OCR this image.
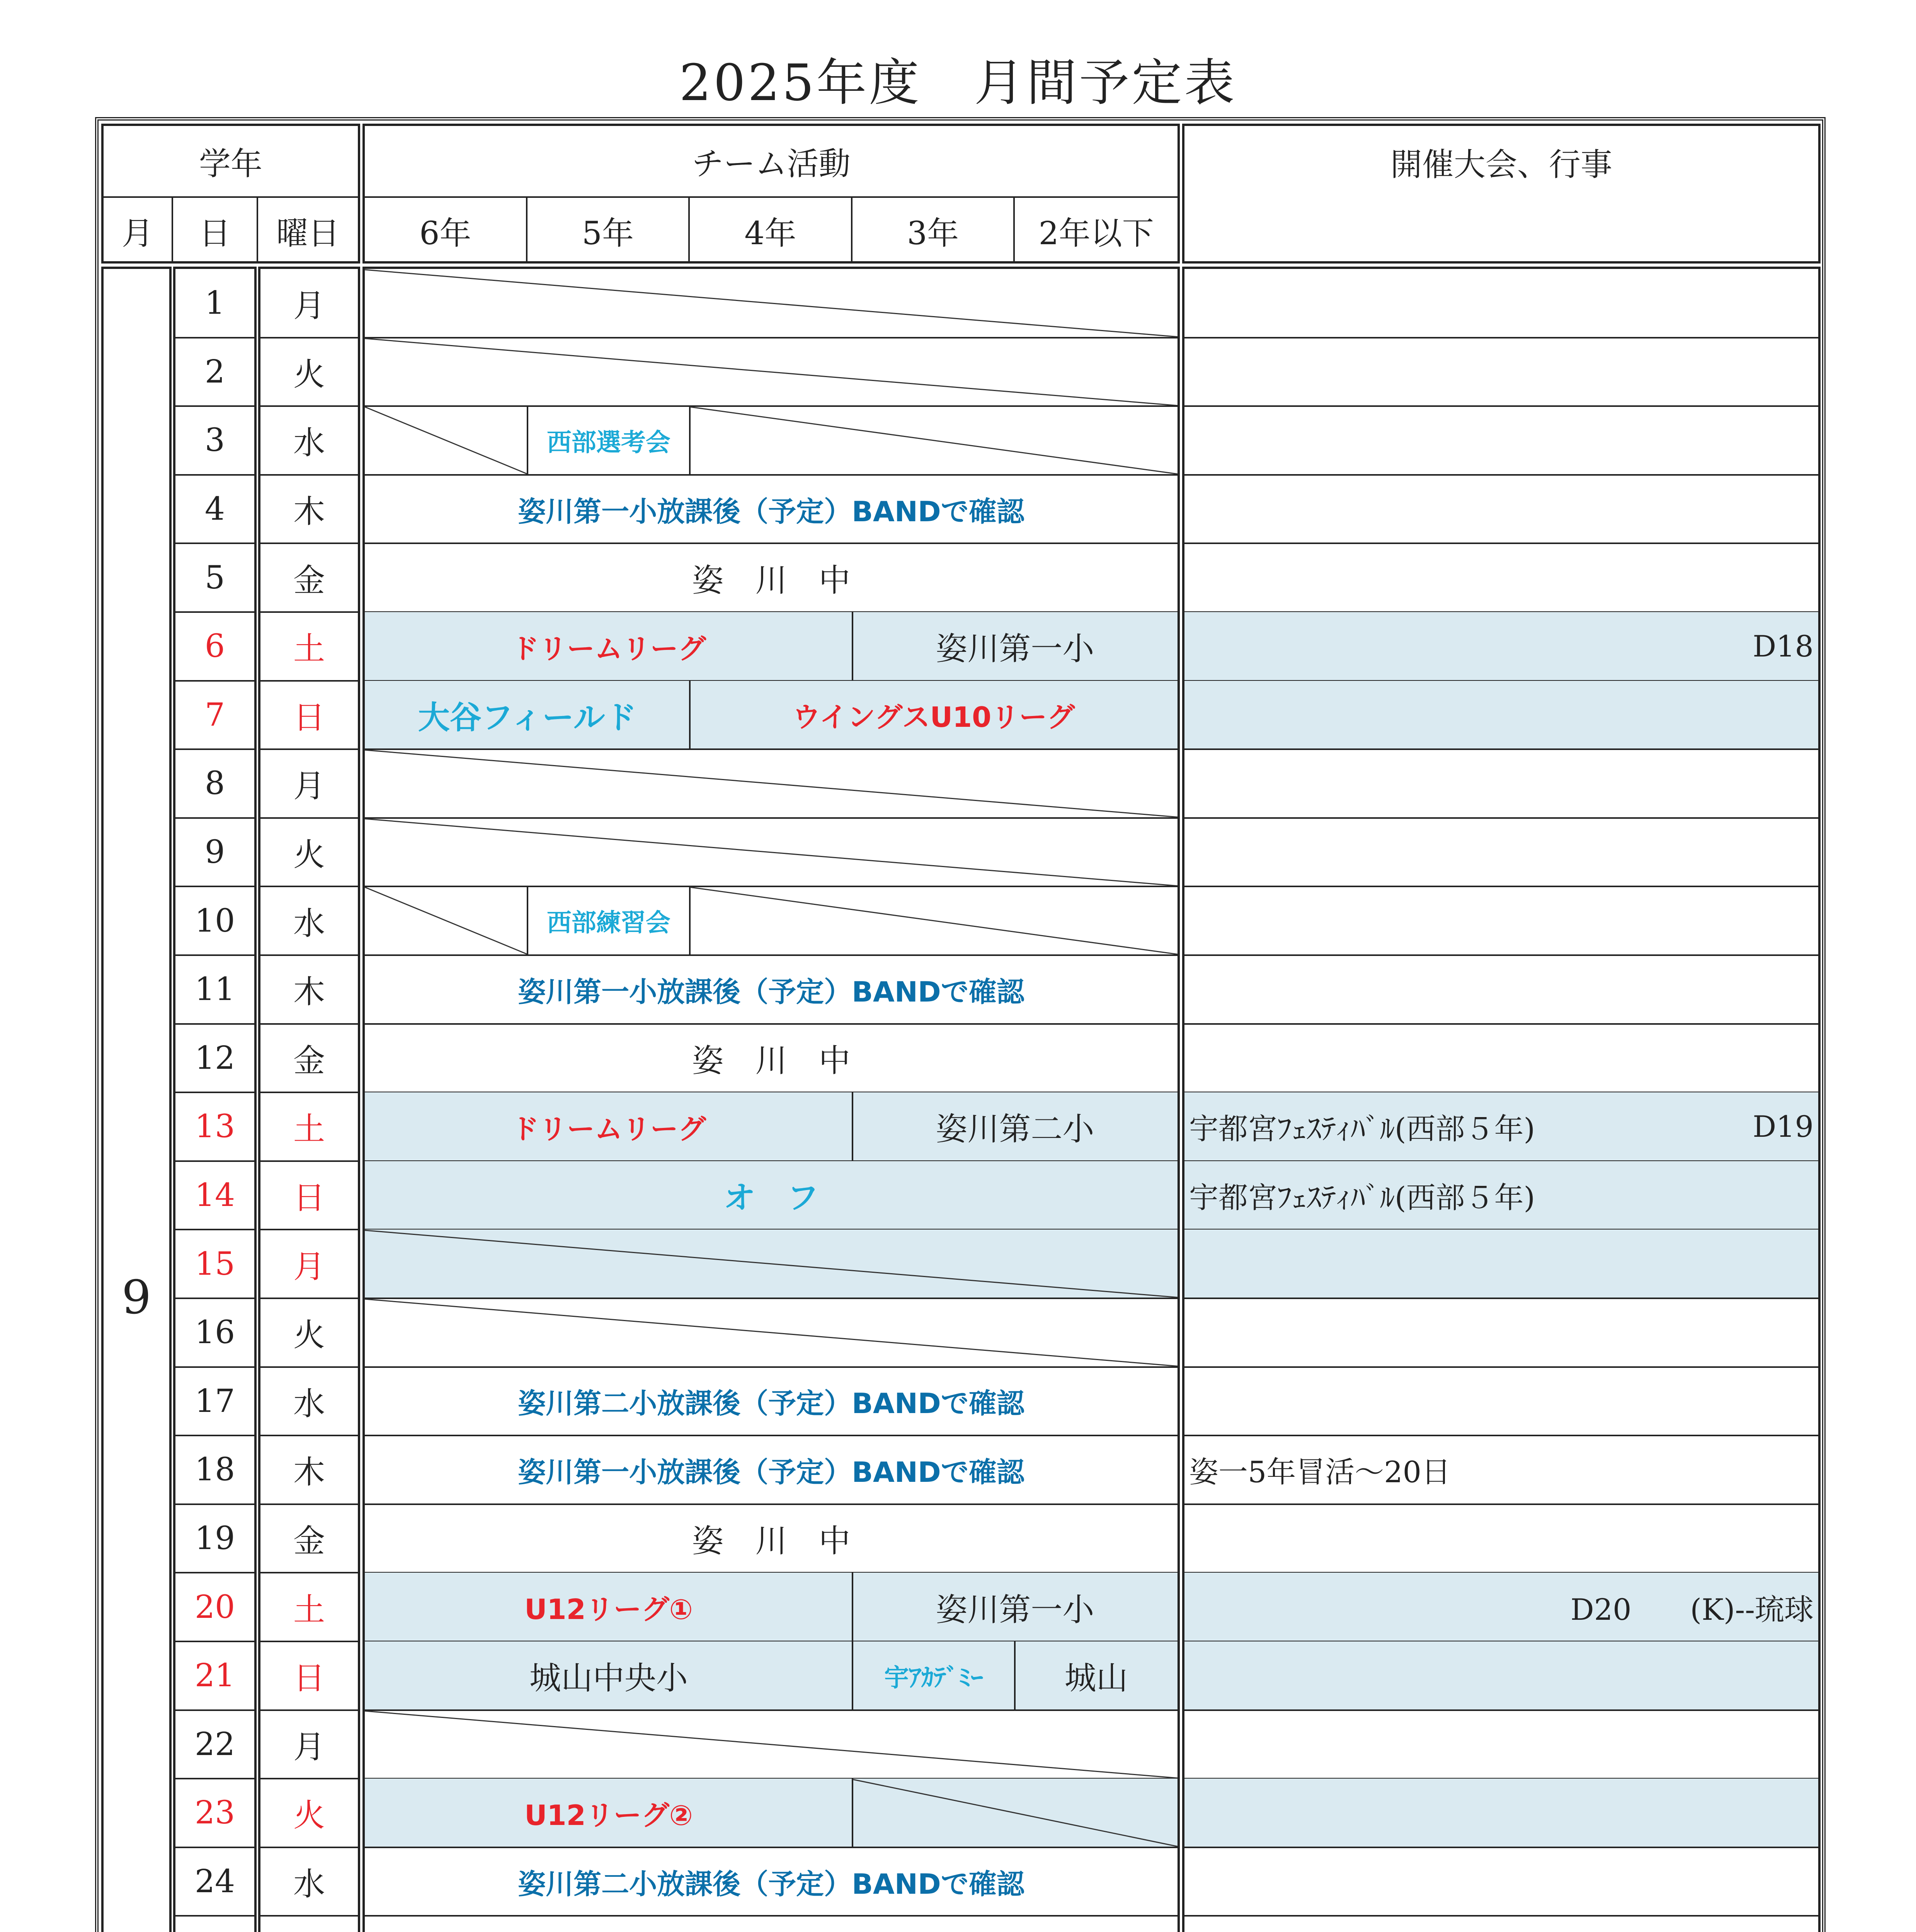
2025年度　月間予定表
学年
月	日	曜日
チーム活動
6年	5年	4年	3年	2年以下
開催大会、行事
9
1	月
2	火
3	水	西部選考会
4	木	姿川第一小放課後（予定）BANDで確認
5	金	姿　川　中
6	土	ドリームリーグ	姿川第一小	D18
7	日	大谷フィールド	ウイングスU10リーグ
8	月
9	火
10	水	西部練習会
11	木	姿川第一小放課後（予定）BANDで確認
12	金	姿　川　中
13	土	ドリームリーグ	姿川第二小	宇都宮ﾌｪｽﾃｨﾊﾞﾙ(西部５年)	D19
14	日	オ　フ	宇都宮ﾌｪｽﾃｨﾊﾞﾙ(西部５年)
15	月
16	火
17	水	姿川第二小放課後（予定）BANDで確認
18	木	姿川第一小放課後（予定）BANDで確認	姿一5年冒活～20日
19	金	姿　川　中
20	土	U12リーグ①	姿川第一小	D20　　(K)--琉球
21	日	城山中央小	宇ｱｶﾃﾞﾐｰ	城山
22	月
23	火	U12リーグ②
24	水	姿川第二小放課後（予定）BANDで確認
